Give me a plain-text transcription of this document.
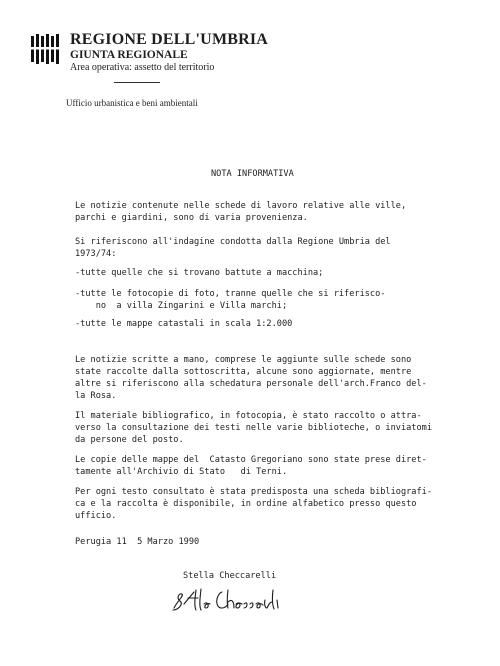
REGIONE DELL'UMBRIA
GIUNTA REGIONALE
Area operativa: assetto del territorio
Ufficio urbanistica e beni ambientali
NOTA INFORMATIVA
Le notizie contenute nelle schede di lavoro relative alle ville,
parchi e giardini, sono di varia provenienza.
Si riferiscono all'indagine condotta dalla Regione Umbria del
1973/74:
-tutte quelle che si trovano battute a macchina;
-tutte le fotocopie di foto, tranne quelle che si riferisco-
no  a villa Zingarini e Villa marchi;
-tutte le mappe catastali in scala 1:2.000
Le notizie scritte a mano, comprese le aggiunte sulle schede sono
state raccolte dalla sottoscritta, alcune sono aggiornate, mentre
altre si riferiscono alla schedatura personale dell'arch.Franco del-
la Rosa.
Il materiale bibliografico, in fotocopia, è stato raccolto o attra-
verso la consultazione dei testi nelle varie biblioteche, o inviatomi
da persone del posto.
Le copie delle mappe del  Catasto Gregoriano sono state prese diret-
tamente all'Archivio di Stato   di Terni.
Per ogni testo consultato è stata predisposta una scheda bibliografi-
ca e la raccolta è disponibile, in ordine alfabetico presso questo
ufficio.
Perugia 11  5 Marzo 1990
Stella Checcarelli
